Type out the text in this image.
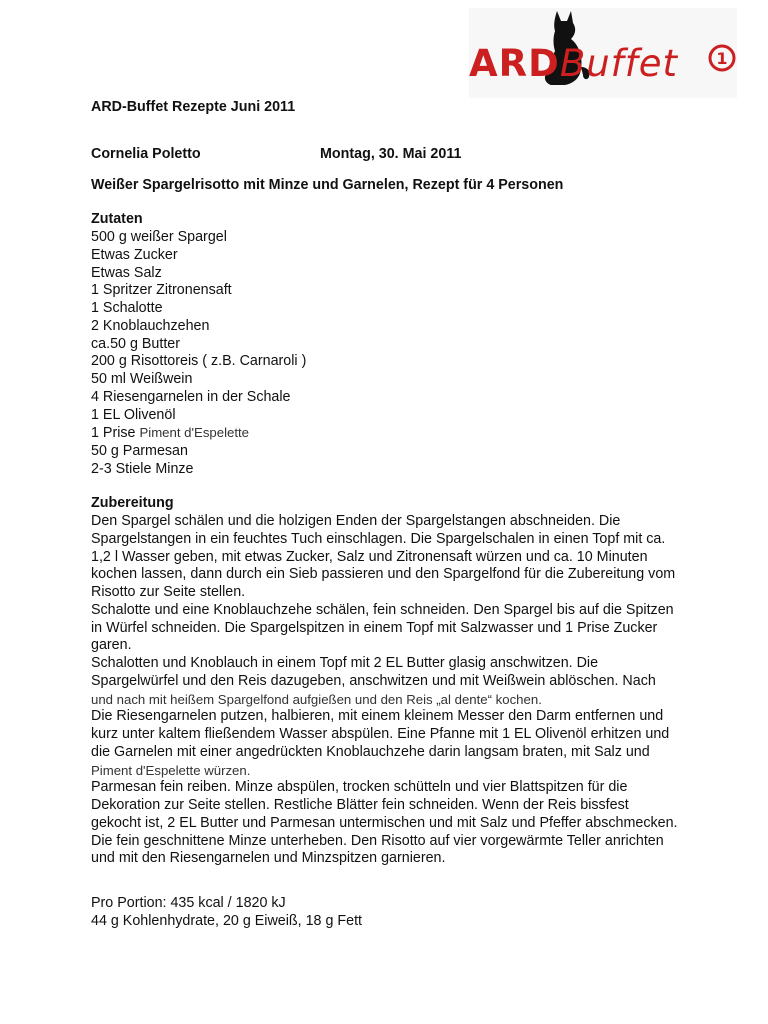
ARDBuffet 1
ARD-Buffet Rezepte Juni 2011
Cornelia Poletto	Montag, 30. Mai 2011
Weißer Spargelrisotto mit Minze und Garnelen, Rezept für 4 Personen
Zutaten
500 g weißer Spargel
Etwas Zucker
Etwas Salz
1 Spritzer Zitronensaft
1 Schalotte
2 Knoblauchzehen
ca.50 g Butter
200 g Risottoreis ( z.B. Carnaroli )
50 ml Weißwein
4 Riesengarnelen in der Schale
1 EL Olivenöl
1 Prise Piment d'Espelette
50 g Parmesan
2-3 Stiele Minze
Zubereitung
Den Spargel schälen und die holzigen Enden der Spargelstangen abschneiden. Die
Spargelstangen in ein feuchtes Tuch einschlagen. Die Spargelschalen in einen Topf mit ca.
1,2 l Wasser geben, mit etwas Zucker, Salz und Zitronensaft würzen und ca. 10 Minuten
kochen lassen, dann durch ein Sieb passieren und den Spargelfond für die Zubereitung vom
Risotto zur Seite stellen.
Schalotte und eine Knoblauchzehe schälen, fein schneiden. Den Spargel bis auf die Spitzen
in Würfel schneiden. Die Spargelspitzen in einem Topf mit Salzwasser und 1 Prise Zucker
garen.
Schalotten und Knoblauch in einem Topf mit 2 EL Butter glasig anschwitzen. Die
Spargelwürfel und den Reis dazugeben, anschwitzen und mit Weißwein ablöschen. Nach
und nach mit heißem Spargelfond aufgießen und den Reis „al dente“ kochen.
Die Riesengarnelen putzen, halbieren, mit einem kleinem Messer den Darm entfernen und
kurz unter kaltem fließendem Wasser abspülen. Eine Pfanne mit 1 EL Olivenöl erhitzen und
die Garnelen mit einer angedrückten Knoblauchzehe darin langsam braten, mit Salz und
Piment d'Espelette würzen.
Parmesan fein reiben. Minze abspülen, trocken schütteln und vier Blattspitzen für die
Dekoration zur Seite stellen. Restliche Blätter fein schneiden. Wenn der Reis bissfest
gekocht ist, 2 EL Butter und Parmesan untermischen und mit Salz und Pfeffer abschmecken.
Die fein geschnittene Minze unterheben. Den Risotto auf vier vorgewärmte Teller anrichten
und mit den Riesengarnelen und Minzspitzen garnieren.
Pro Portion: 435 kcal / 1820 kJ
44 g Kohlenhydrate, 20 g Eiweiß, 18 g Fett
